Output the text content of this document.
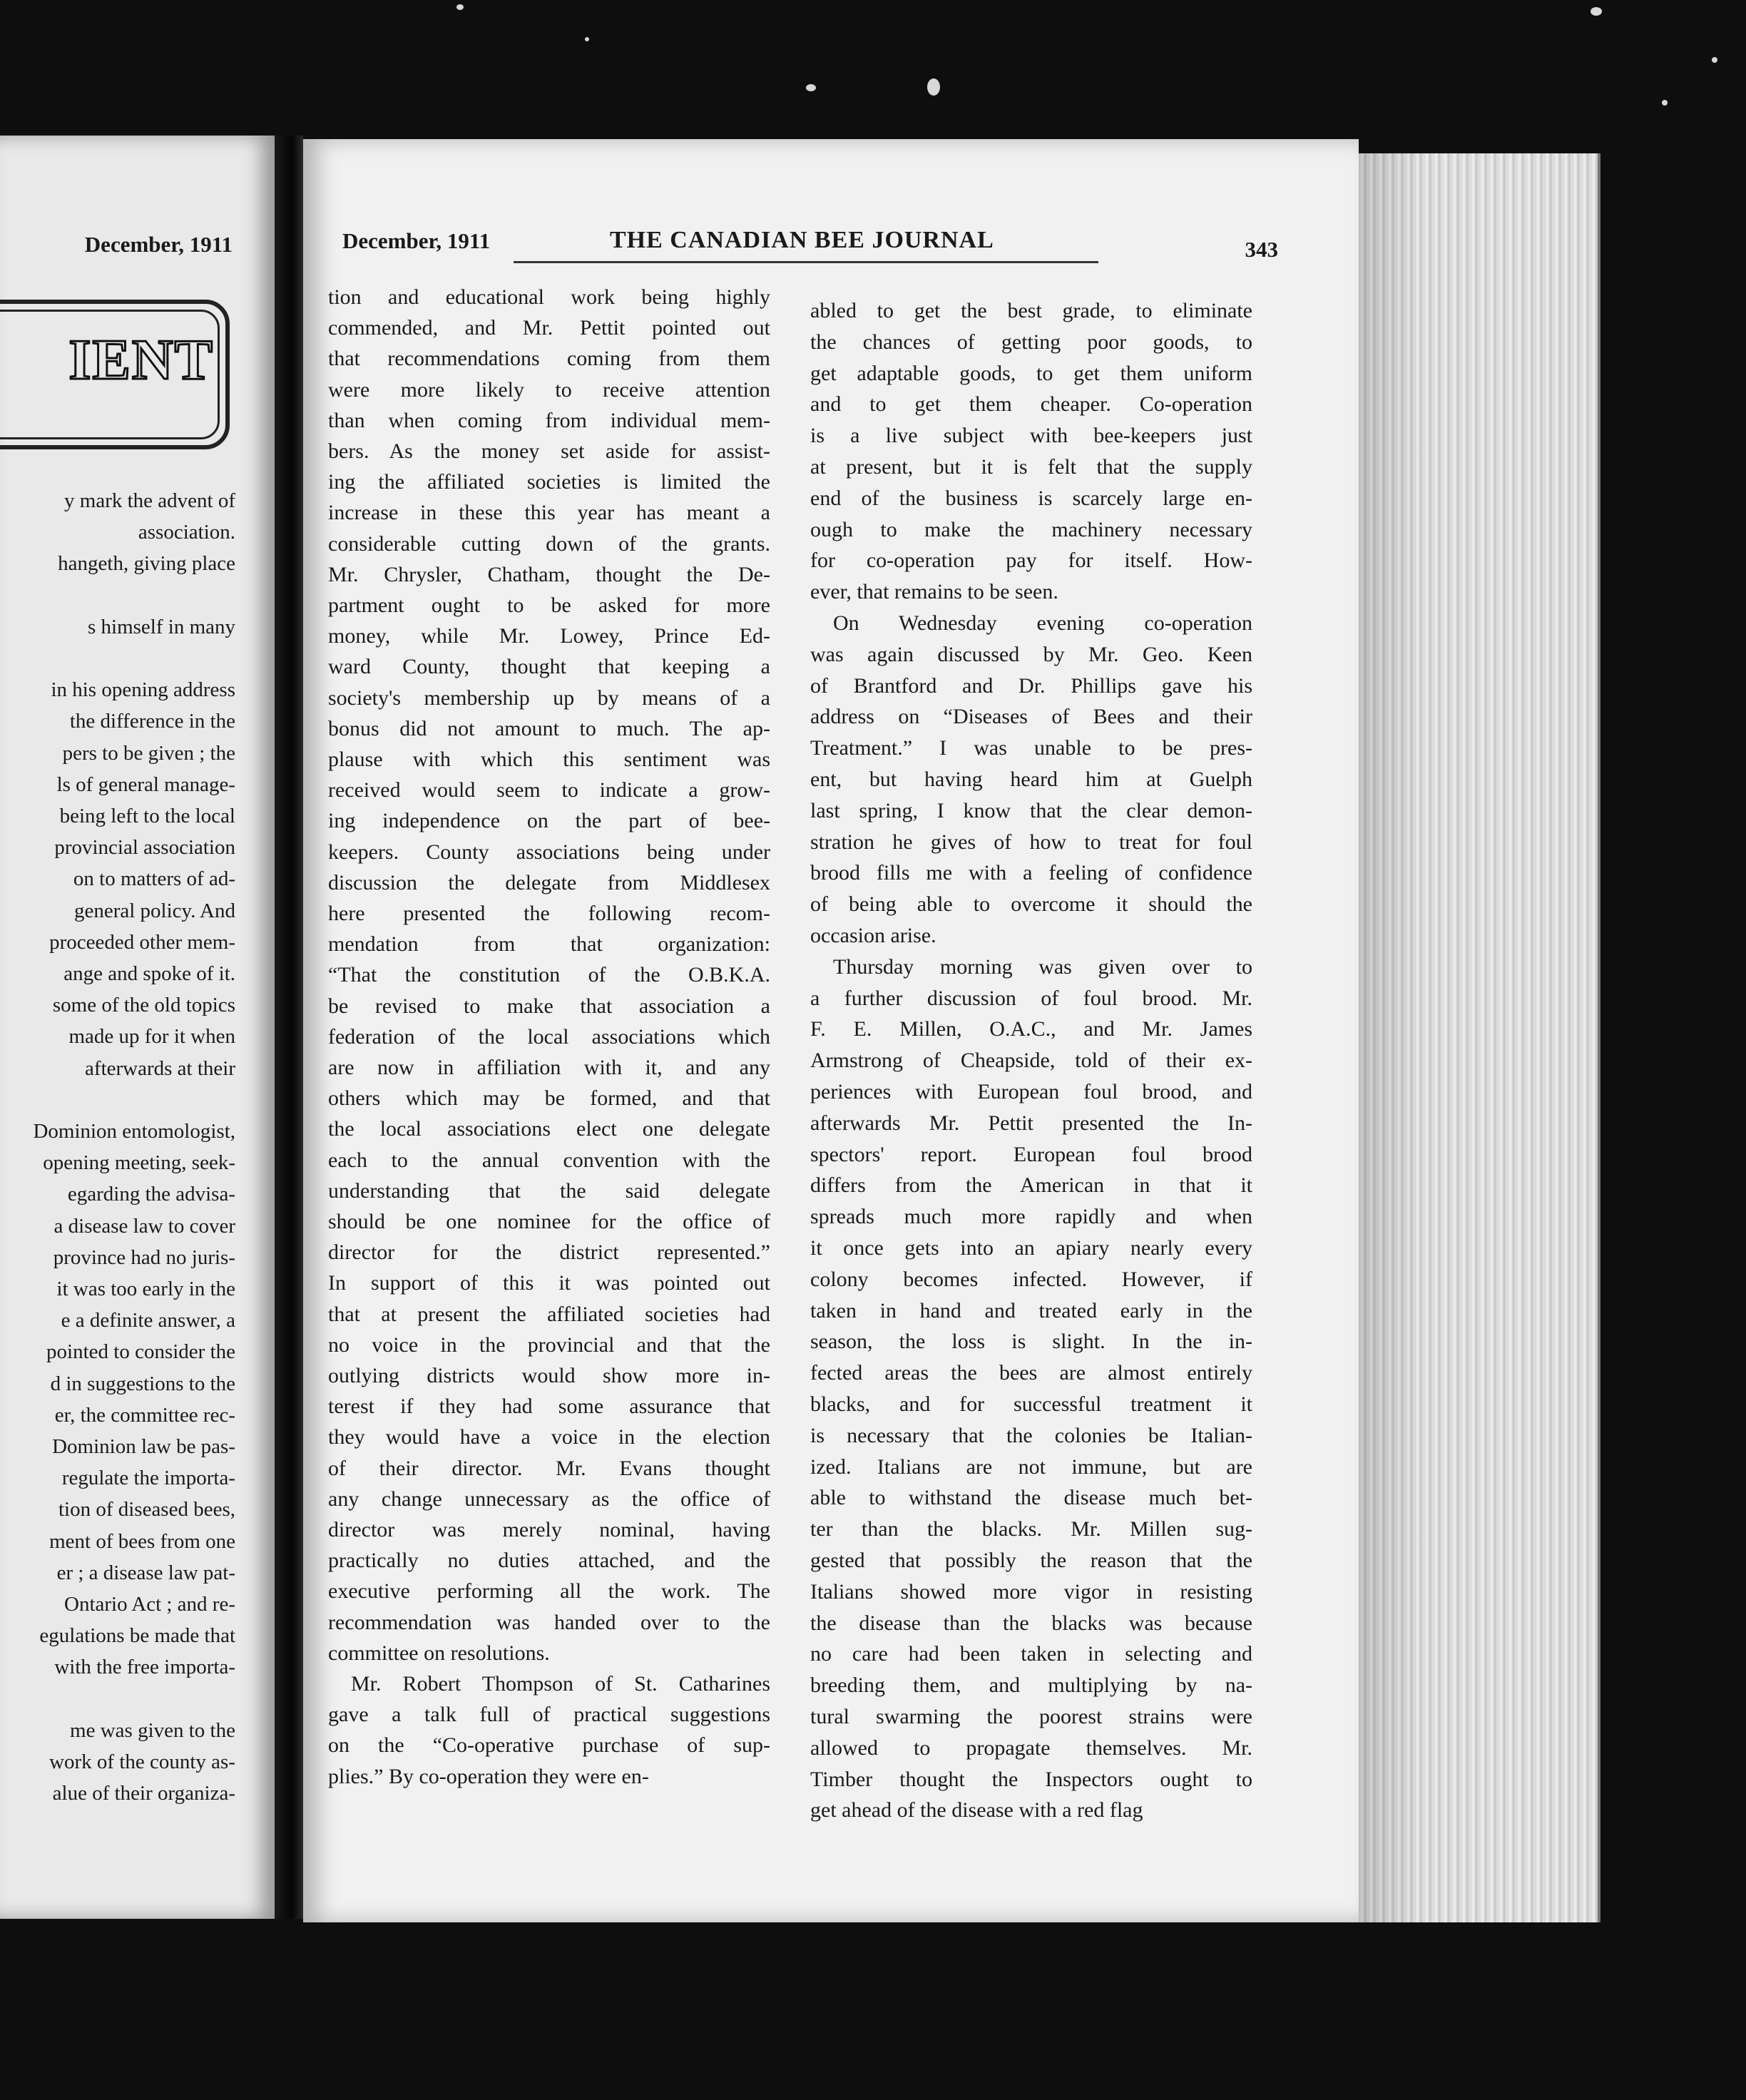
December, 1911
IENT
y mark the advent of
association.
hangeth, giving place
s himself in many
in his opening address
the difference in the
pers to be given ; the
ls of general manage-
being left to the local
provincial association
on to matters of ad-
general policy. And
proceeded other mem-
ange and spoke of it.
some of the old topics
made up for it when
afterwards at their
Dominion entomologist,
opening meeting, seek-
egarding the advisa-
a disease law to cover
province had no juris-
it was too early in the
e a definite answer, a
pointed to consider the
d in suggestions to the
er, the committee rec-
Dominion law be pas-
regulate the importa-
tion of diseased bees,
ment of bees from one
er ; a disease law pat-
Ontario Act ; and re-
egulations be made that
with the free importa-
me was given to the
work of the county as-
alue of their organiza-
December, 1911	THE CANADIAN BEE JOURNAL	343
tion and educational work being highly
commended, and Mr. Pettit pointed out
that recommendations coming from them
were more likely to receive attention
than when coming from individual mem-
bers. As the money set aside for assist-
ing the affiliated societies is limited the
increase in these this year has meant a
considerable cutting down of the grants.
Mr. Chrysler, Chatham, thought the De-
partment ought to be asked for more
money, while Mr. Lowey, Prince Ed-
ward County, thought that keeping a
society's membership up by means of a
bonus did not amount to much. The ap-
plause with which this sentiment was
received would seem to indicate a grow-
ing independence on the part of bee-
keepers. County associations being under
discussion the delegate from Middlesex
here presented the following recom-
mendation from that organization:
“That the constitution of the O.B.K.A.
be revised to make that association a
federation of the local associations which
are now in affiliation with it, and any
others which may be formed, and that
the local associations elect one delegate
each to the annual convention with the
understanding that the said delegate
should be one nominee for the office of
director for the district represented.”
In support of this it was pointed out
that at present the affiliated societies had
no voice in the provincial and that the
outlying districts would show more in-
terest if they had some assurance that
they would have a voice in the election
of their director. Mr. Evans thought
any change unnecessary as the office of
director was merely nominal, having
practically no duties attached, and the
executive performing all the work. The
recommendation was handed over to the
committee on resolutions.
Mr. Robert Thompson of St. Catharines
gave a talk full of practical suggestions
on the “Co-operative purchase of sup-
plies.” By co-operation they were en-
abled to get the best grade, to eliminate
the chances of getting poor goods, to
get adaptable goods, to get them uniform
and to get them cheaper. Co-operation
is a live subject with bee-keepers just
at present, but it is felt that the supply
end of the business is scarcely large en-
ough to make the machinery necessary
for co-operation pay for itself. How-
ever, that remains to be seen.
On Wednesday evening co-operation
was again discussed by Mr. Geo. Keen
of Brantford and Dr. Phillips gave his
address on “Diseases of Bees and their
Treatment.” I was unable to be pres-
ent, but having heard him at Guelph
last spring, I know that the clear demon-
stration he gives of how to treat for foul
brood fills me with a feeling of confidence
of being able to overcome it should the
occasion arise.
Thursday morning was given over to
a further discussion of foul brood. Mr.
F. E. Millen, O.A.C., and Mr. James
Armstrong of Cheapside, told of their ex-
periences with European foul brood, and
afterwards Mr. Pettit presented the In-
spectors' report. European foul brood
differs from the American in that it
spreads much more rapidly and when
it once gets into an apiary nearly every
colony becomes infected. However, if
taken in hand and treated early in the
season, the loss is slight. In the in-
fected areas the bees are almost entirely
blacks, and for successful treatment it
is necessary that the colonies be Italian-
ized. Italians are not immune, but are
able to withstand the disease much bet-
ter than the blacks. Mr. Millen sug-
gested that possibly the reason that the
Italians showed more vigor in resisting
the disease than the blacks was because
no care had been taken in selecting and
breeding them, and multiplying by na-
tural swarming the poorest strains were
allowed to propagate themselves. Mr.
Timber thought the Inspectors ought to
get ahead of the disease with a red flag
